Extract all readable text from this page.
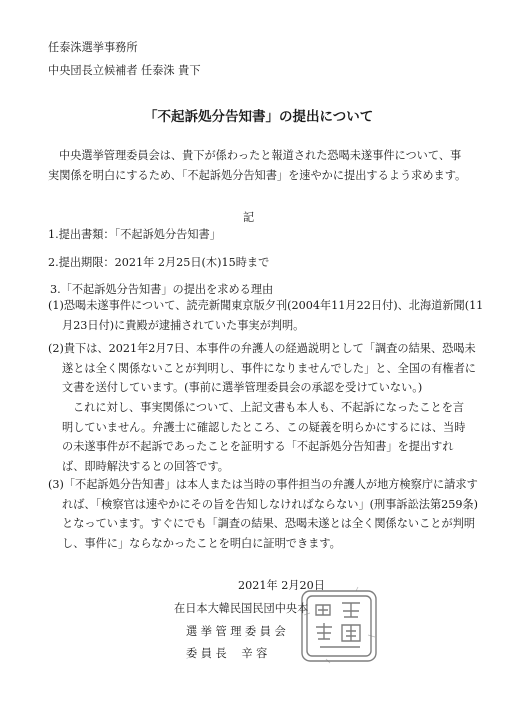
任泰洙選挙事務所
中央団長立候補者 任泰洙 貴下
「不起訴処分告知書」の提出について
中央選挙管理委員会は、貴下が係わったと報道された恐喝未遂事件について、事実関係を明白にするため、「不起訴処分告知書」を速やかに提出するよう求めます。
記
1.提出書類：「不起訴処分告知書」
2.提出期限：2021年 2月25日(木)15時まで
3.「不起訴処分告知書」の提出を求める理由
(1)恐喝未遂事件について、読売新聞東京版夕刊(2004年11月22日付)、北海道新聞(11月23日付)に貴殿が逮捕されていた事実が判明。
(2)貴下は、2021年2月7日、本事件の弁護人の経過説明として「調査の結果、恐喝未遂とは全く関係ないことが判明し、事件になりませんでした」と、全国の有権者に文書を送付しています。(事前に選挙管理委員会の承認を受けていない。)
これに対し、事実関係について、上記文書も本人も、不起訴になったことを言明していません。弁護士に確認したところ、この疑義を明らかにするには、当時の未遂事件が不起訴であったことを証明する「不起訴処分告知書」を提出すれば、即時解決するとの回答です。
(3)「不起訴処分告知書」は本人または当時の事件担当の弁護人が地方検察庁に請求すれば、「検察官は速やかにその旨を告知しなければならない」(刑事訴訟法第259条)となっています。すぐにでも「調査の結果、恐喝未遂とは全く関係ないことが判明し、事件に」ならなかったことを明白に証明できます。
2021年 2月20日
在日本大韓民国民団中央本
選 挙 管 理 委 員 会
委 員 長　 辛 容
